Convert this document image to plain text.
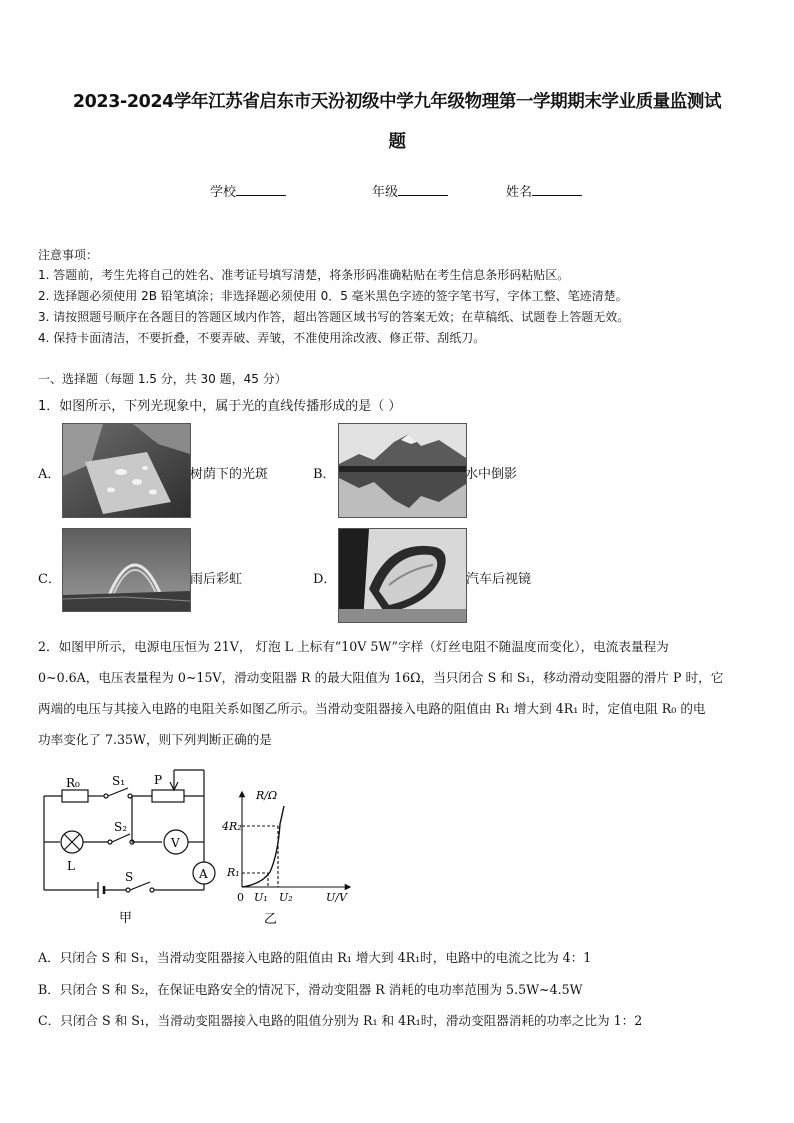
2023-2024学年江苏省启东市天汾初级中学九年级物理第一学期期末学业质量监测试
题
学校	年级	姓名
注意事项：
1. 答题前，考生先将自己的姓名、准考证号填写清楚，将条形码准确粘贴在考生信息条形码粘贴区。
2. 选择题必须使用 2B 铅笔填涂；非选择题必须使用 0．5 毫米黑色字迹的签字笔书写，字体工整、笔迹清楚。
3. 请按照题号顺序在各题目的答题区域内作答，超出答题区域书写的答案无效；在草稿纸、试题卷上答题无效。
4. 保持卡面清洁，不要折叠，不要弄破、弄皱，不准使用涂改液、修正带、刮纸刀。
一、选择题（每题 1.5 分，共 30 题，45 分）
1．如图所示，下列光现象中，属于光的直线传播形成的是（ ）
A．	树荫下的光斑	B．	水中倒影
C．	雨后彩虹	D．	汽车后视镜
2．如图甲所示，电源电压恒为 21V， 灯泡 L 上标有“10V 5W”字样（灯丝电阻不随温度而变化），电流表量程为
0~0.6A，电压表量程为 0~15V，滑动变阻器 R 的最大阻值为 16Ω，当只闭合 S 和 S₁，移动滑动变阻器的滑片 P 时，它
两端的电压与其接入电路的电阻关系如图乙所示。当滑动变阻器接入电路的阻值由 R₁ 增大到 4R₁ 时，定值电阻 R₀ 的电
功率变化了 7.35W，则下列判断正确的是
R₀	S₁ P
S₂
V
L
S	A
甲
R/Ω
U/V
0
4R₂
R₁
U₁ U₂
乙
A．只闭合 S 和 S₁，当滑动变阻器接入电路的阻值由 R₁ 增大到 4R₁时，电路中的电流之比为 4：1
B．只闭合 S 和 S₂，在保证电路安全的情况下，滑动变阻器 R 消耗的电功率范围为 5.5W~4.5W
C．只闭合 S 和 S₁，当滑动变阻器接入电路的阻值分别为 R₁ 和 4R₁时，滑动变阻器消耗的功率之比为 1：2
